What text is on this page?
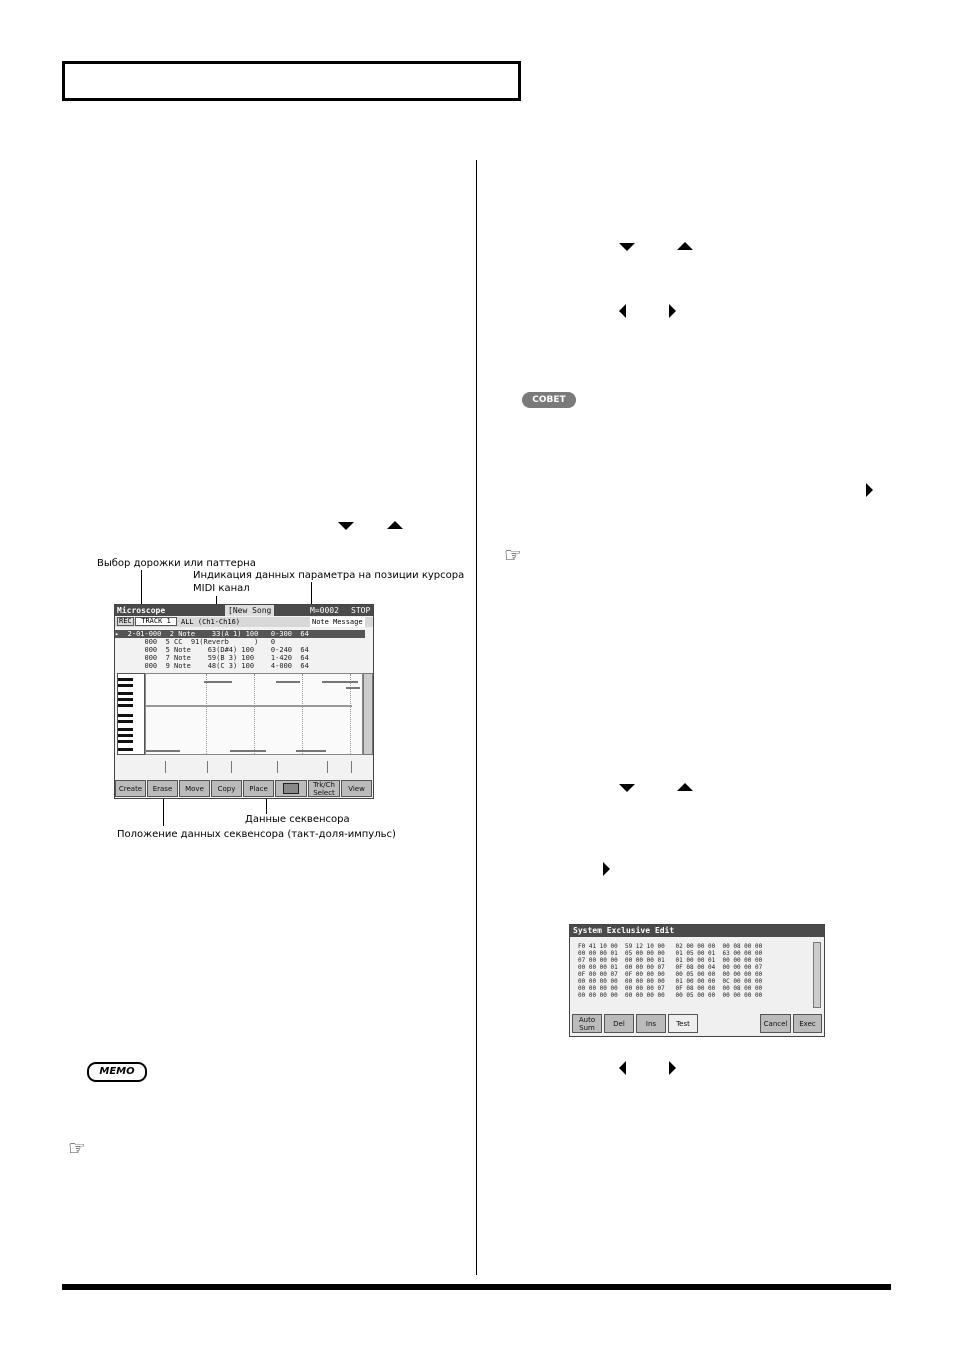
Выбор дорожки или паттерна
Индикация данных параметра на позиции курсора
MIDI канал
Данные секвенсора
Положение данных секвенсора (такт-доля-импульс)
Microscope	[New Song	M=0002 STOP
REC	TRACK 1	ALL (Ch1-Ch16)	Note Message
▸  2-01-000  2 Note    33(A 1) 100   0-300  64
000  5 CC  91(Reverb      )   0
000  5 Note    63(D#4) 100    0-240  64
000  7 Note    59(B 3) 100    1-420  64
000  9 Note    48(C 3) 100    4-000  64
Create	Erase	Move	Copy	Place	Trk/Ch Select	View
MEMO
☞
СОВЕТ
☞
System Exclusive Edit
F0 41 10 00  59 12 10 00   02 00 00 00  00 08 00 00
00 00 00 01  05 00 00 00   01 05 00 01  63 00 00 00
07 00 00 00  00 00 00 01   01 00 00 01  00 00 00 00
00 00 00 01  00 00 00 07   0F 08 00 04  00 00 00 07
0F 00 00 07  0F 00 00 00   00 05 00 00  00 00 00 00
00 00 00 00  00 00 00 00   01 00 00 00  0C 00 00 00
00 00 00 00  00 00 00 07   0F 08 00 00  00 08 00 00
00 00 00 00  00 00 00 00   00 05 00 00  00 00 00 00
Auto Sum	Del	Ins	Test	Cancel	Exec
